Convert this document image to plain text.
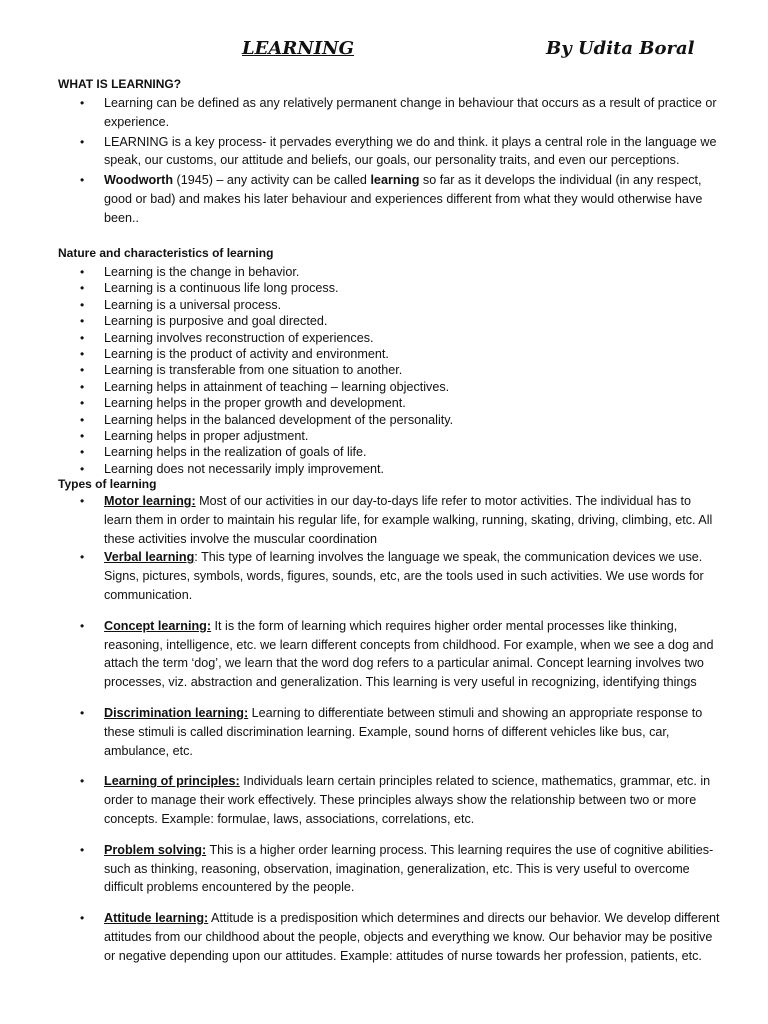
LEARNING	By Udita Boral
WHAT IS LEARNING?
• Learning can be defined as any relatively permanent change in behaviour that occurs as a result of practice or experience.
• LEARNING is a key process- it pervades everything we do and think. it plays a central role in the language we speak, our customs, our attitude and beliefs, our goals, our personality traits, and even our perceptions.
• Woodworth (1945) – any activity can be called learning so far as it develops the individual (in any respect, good or bad) and makes his later behaviour and experiences different from what they would otherwise have been..
Nature and characteristics of learning
• Learning is the change in behavior.
• Learning is a continuous life long process.
• Learning is a universal process.
• Learning is purposive and goal directed.
• Learning involves reconstruction of experiences.
• Learning is the product of activity and environment.
• Learning is transferable from one situation to another.
• Learning helps in attainment of teaching – learning objectives.
• Learning helps in the proper growth and development.
• Learning helps in the balanced development of the personality.
• Learning helps in proper adjustment.
• Learning helps in the realization of goals of life.
• Learning does not necessarily imply improvement.
Types of learning
• Motor learning: Most of our activities in our day-to-days life refer to motor activities. The individual has to learn them in order to maintain his regular life, for example walking, running, skating, driving, climbing, etc. All these activities involve the muscular coordination
• Verbal learning: This type of learning involves the language we speak, the communication devices we use. Signs, pictures, symbols, words, figures, sounds, etc, are the tools used in such activities. We use words for communication.
• Concept learning: It is the form of learning which requires higher order mental processes like thinking, reasoning, intelligence, etc. we learn different concepts from childhood. For example, when we see a dog and attach the term ‘dog’, we learn that the word dog refers to a particular animal. Concept learning involves two processes, viz. abstraction and generalization. This learning is very useful in recognizing, identifying things
• Discrimination learning: Learning to differentiate between stimuli and showing an appropriate response to these stimuli is called discrimination learning. Example, sound horns of different vehicles like bus, car, ambulance, etc.
• Learning of principles: Individuals learn certain principles related to science, mathematics, grammar, etc. in order to manage their work effectively. These principles always show the relationship between two or more concepts. Example: formulae, laws, associations, correlations, etc.
• Problem solving: This is a higher order learning process. This learning requires the use of cognitive abilities-such as thinking, reasoning, observation, imagination, generalization, etc. This is very useful to overcome difficult problems encountered by the people.
• Attitude learning: Attitude is a predisposition which determines and directs our behavior. We develop different attitudes from our childhood about the people, objects and everything we know. Our behavior may be positive or negative depending upon our attitudes. Example: attitudes of nurse towards her profession, patients, etc.
